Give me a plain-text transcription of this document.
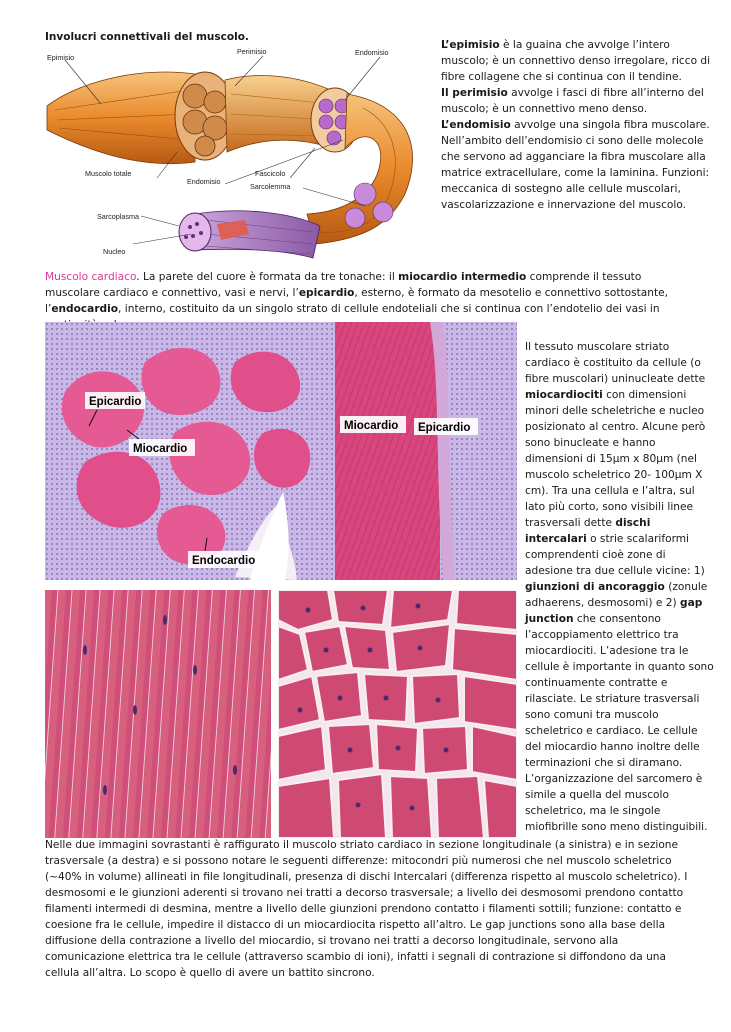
Involucri connettivali del muscolo.
Epimisio
Perimisio	Endomisio
Muscolo totale	Fascicolo
Endomisio
Sarcolemma
Sarcoplasma
Nucleo
L’epimisio è la guaina che avvolge l’intero muscolo; è un connettivo denso irregolare, ricco di fibre collagene che si continua con il tendine.
Il perimisio avvolge i fasci di fibre all’interno del muscolo; è un connettivo meno denso.
L’endomisio avvolge una singola fibra muscolare. Nell’ambito dell’endomisio ci sono delle molecole che servono ad agganciare la fibra muscolare alla matrice extracellulare, come la laminina. Funzioni: meccanica di sostegno alle cellule muscolari, vascolarizzazione e innervazione del muscolo.
Muscolo cardiaco. La parete del cuore è formata da tre tonache: il miocardio intermedio comprende il tessuto muscolare cardiaco e connettivo, vasi e nervi, l’epicardio, esterno, è formato da mesotelio e connettivo sottostante, l’endocardio, interno, costituito da un singolo strato di cellule endoteliali che si continua con l’endotelio dei vasi in
Epicardio
Miocardio
Endocardio
Miocardio Epicardio
Il tessuto muscolare striato cardiaco è costituito da cellule (o fibre muscolari) uninucleate dette miocardiociti con dimensioni minori delle scheletriche e nucleo posizionato al centro. Alcune però sono binucleate e hanno dimensioni di 15μm x 80μm (nel muscolo scheletrico 20- 100μm X cm). Tra una cellula e l’altra, sul lato più corto, sono visibili linee trasversali dette dischi intercalari o strie scalariformi comprendenti cioè zone di adesione tra due cellule vicine: 1) giunzioni di ancoraggio (zonule adhaerens, desmosomi) e 2) gap junction che consentono l’accoppiamento elettrico tra miocardiociti. L’adesione tra le cellule è importante in quanto sono continuamente contratte e rilasciate. Le striature trasversali sono comuni tra muscolo scheletrico e cardiaco. Le cellule del miocardio hanno inoltre delle terminazioni che si diramano. L’organizzazione del sarcomero è simile a quella del muscolo scheletrico, ma le singole miofibrille sono meno distinguibili.
Nelle due immagini sovrastanti è raffigurato il muscolo striato cardiaco in sezione longitudinale (a sinistra) e in sezione trasversale (a destra) e si possono notare le seguenti differenze: mitocondri più numerosi che nel muscolo scheletrico (~40% in volume) allineati in file longitudinali, presenza di dischi Intercalari (differenza rispetto al muscolo scheletrico). I desmosomi e le giunzioni aderenti si trovano nei tratti a decorso trasversale; a livello dei desmosomi prendono contatto filamenti intermedi di desmina, mentre a livello delle giunzioni prendono contatto i filamenti sottili; funzione: contatto e coesione fra le cellule, impedire il distacco di un miocardiocita rispetto all’altro. Le gap junctions sono alla base della diffusione della contrazione a livello del miocardio, si trovano nei tratti a decorso longitudinale, servono alla comunicazione elettrica tra le cellule (attraverso scambio di ioni), infatti i segnali di contrazione si diffondono da una cellula all’altra. Lo scopo è quello di avere un battito sincrono.
